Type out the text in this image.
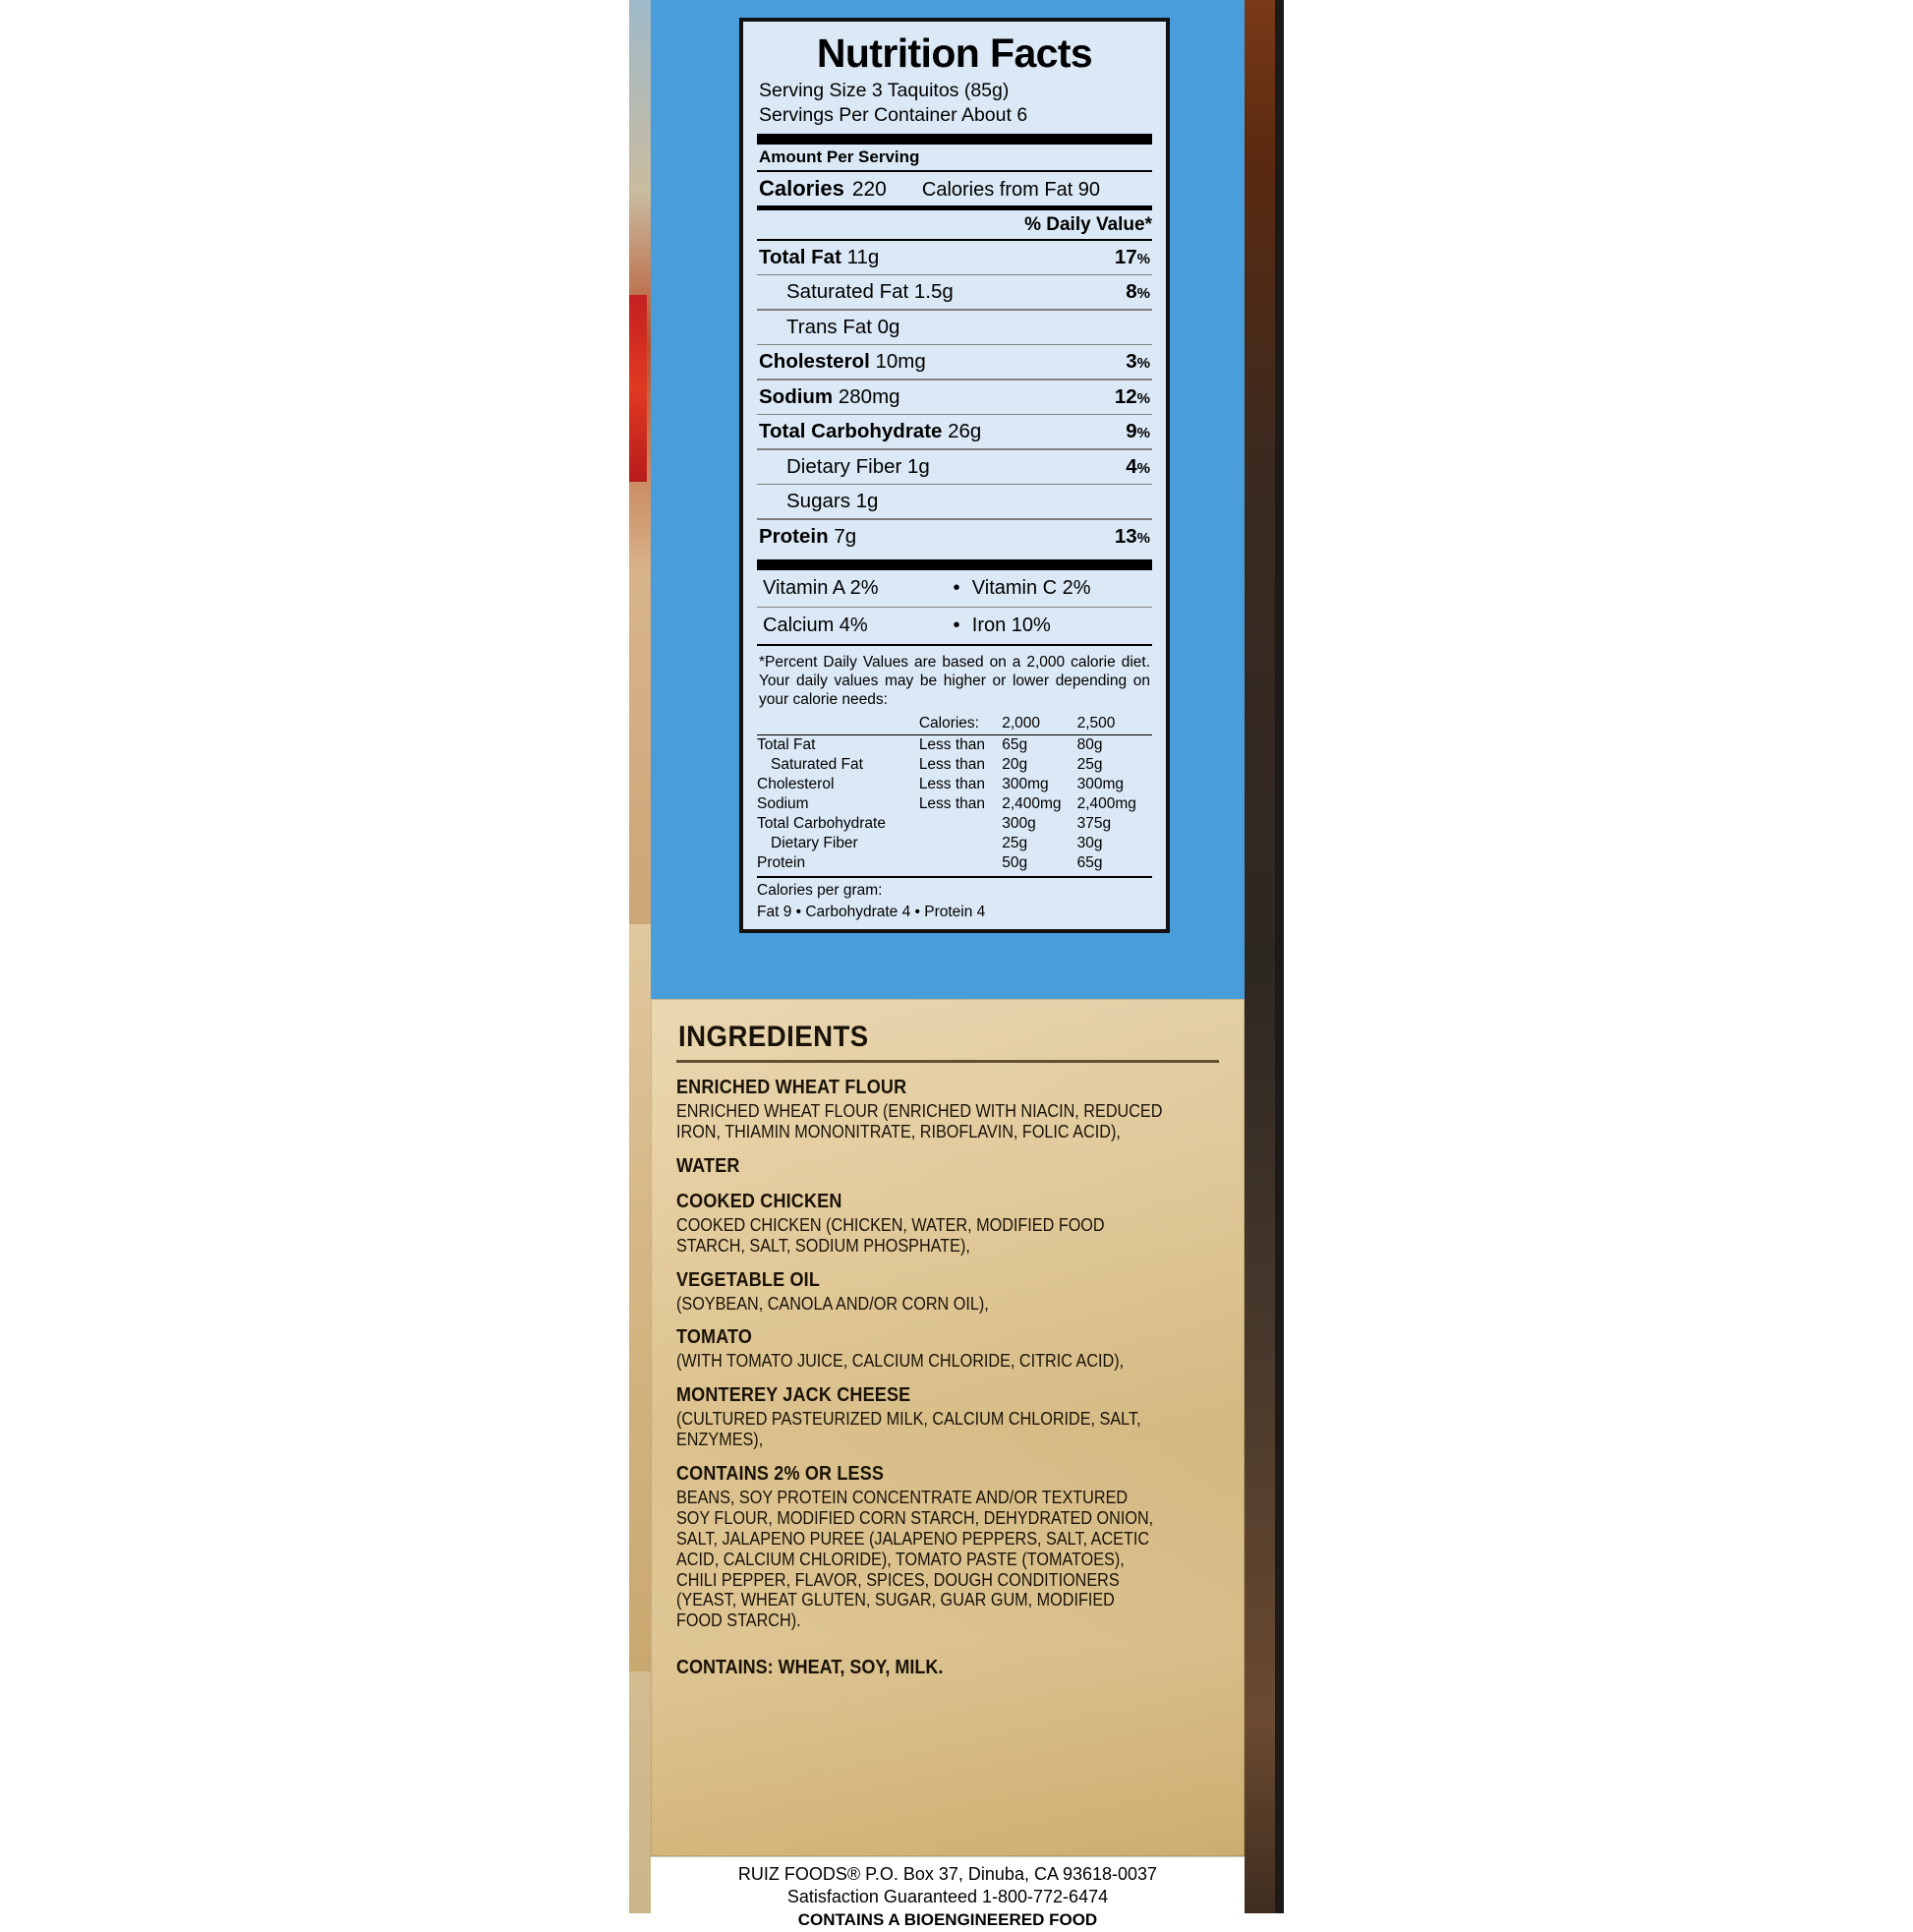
Nutrition Facts
Serving Size 3 Taquitos (85g)
Servings Per Container About 6
Amount Per Serving
Calories 220 Calories from Fat 90
% Daily Value*
Total Fat 11g	17%
Saturated Fat 1.5g	8%
Trans Fat 0g
Cholesterol 10mg	3%
Sodium 280mg	12%
Total Carbohydrate 26g	9%
Dietary Fiber 1g	4%
Sugars 1g
Protein 7g	13%
Vitamin A 2%	• Vitamin C 2%
Calcium 4%	• Iron 10%
*Percent Daily Values are based on a 2,000 calorie diet. Your daily values may be higher or lower depending on your calorie needs:
	Calories:	2,000	2,500
Total Fat	Less than	65g	80g
Saturated Fat	Less than	20g	25g
Cholesterol	Less than	300mg	300mg
Sodium	Less than	2,400mg	2,400mg
Total Carbohydrate		300g	375g
Dietary Fiber		25g	30g
Protein		50g	65g
Calories per gram:
Fat 9 • Carbohydrate 4 • Protein 4
INGREDIENTS
ENRICHED WHEAT FLOUR
ENRICHED WHEAT FLOUR (ENRICHED WITH NIACIN, REDUCED IRON, THIAMIN MONONITRATE, RIBOFLAVIN, FOLIC ACID),
WATER
COOKED CHICKEN
COOKED CHICKEN (CHICKEN, WATER, MODIFIED FOOD STARCH, SALT, SODIUM PHOSPHATE),
VEGETABLE OIL
(SOYBEAN, CANOLA AND/OR CORN OIL),
TOMATO
(WITH TOMATO JUICE, CALCIUM CHLORIDE, CITRIC ACID),
MONTEREY JACK CHEESE
(CULTURED PASTEURIZED MILK, CALCIUM CHLORIDE, SALT, ENZYMES),
CONTAINS 2% OR LESS
BEANS, SOY PROTEIN CONCENTRATE AND/OR TEXTURED SOY FLOUR, MODIFIED CORN STARCH, DEHYDRATED ONION, SALT, JALAPENO PUREE (JALAPENO PEPPERS, SALT, ACETIC ACID, CALCIUM CHLORIDE), TOMATO PASTE (TOMATOES), CHILI PEPPER, FLAVOR, SPICES, DOUGH CONDITIONERS (YEAST, WHEAT GLUTEN, SUGAR, GUAR GUM, MODIFIED FOOD STARCH).
CONTAINS: WHEAT, SOY, MILK.
RUIZ FOODS® P.O. Box 37, Dinuba, CA 93618-0037
Satisfaction Guaranteed 1-800-772-6474
CONTAINS A BIOENGINEERED FOOD
